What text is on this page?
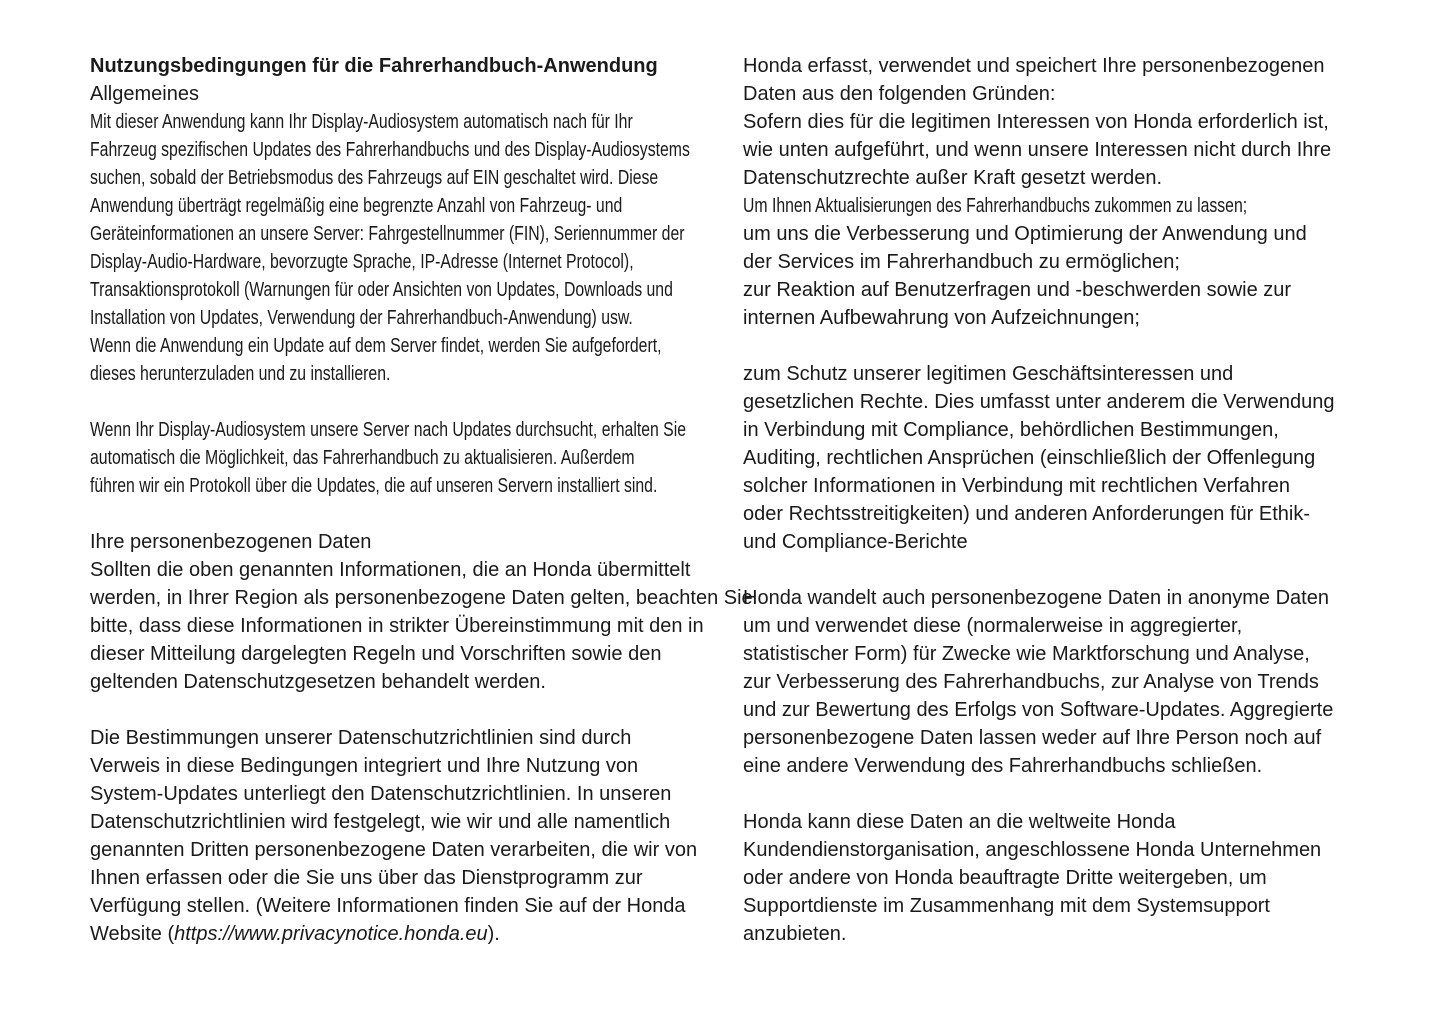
Nutzungsbedingungen für die Fahrerhandbuch-Anwendung
Allgemeines
Mit dieser Anwendung kann Ihr Display-Audiosystem automatisch nach für Ihr
Fahrzeug spezifischen Updates des Fahrerhandbuchs und des Display-Audiosystems
suchen, sobald der Betriebsmodus des Fahrzeugs auf EIN geschaltet wird. Diese
Anwendung überträgt regelmäßig eine begrenzte Anzahl von Fahrzeug- und
Geräteinformationen an unsere Server: Fahrgestellnummer (FIN), Seriennummer der
Display-Audio-Hardware, bevorzugte Sprache, IP-Adresse (Internet Protocol),
Transaktionsprotokoll (Warnungen für oder Ansichten von Updates, Downloads und
Installation von Updates, Verwendung der Fahrerhandbuch-Anwendung) usw.
Wenn die Anwendung ein Update auf dem Server findet, werden Sie aufgefordert,
dieses herunterzuladen und zu installieren.
Wenn Ihr Display-Audiosystem unsere Server nach Updates durchsucht, erhalten Sie
automatisch die Möglichkeit, das Fahrerhandbuch zu aktualisieren. Außerdem
führen wir ein Protokoll über die Updates, die auf unseren Servern installiert sind.
Ihre personenbezogenen Daten
Sollten die oben genannten Informationen, die an Honda übermittelt
werden, in Ihrer Region als personenbezogene Daten gelten, beachten Sie
bitte, dass diese Informationen in strikter Übereinstimmung mit den in
dieser Mitteilung dargelegten Regeln und Vorschriften sowie den
geltenden Datenschutzgesetzen behandelt werden.
Die Bestimmungen unserer Datenschutzrichtlinien sind durch
Verweis in diese Bedingungen integriert und Ihre Nutzung von
System-Updates unterliegt den Datenschutzrichtlinien. In unseren
Datenschutzrichtlinien wird festgelegt, wie wir und alle namentlich
genannten Dritten personenbezogene Daten verarbeiten, die wir von
Ihnen erfassen oder die Sie uns über das Dienstprogramm zur
Verfügung stellen. (Weitere Informationen finden Sie auf der Honda
Website (https://www.privacynotice.honda.eu).
Honda erfasst, verwendet und speichert Ihre personenbezogenen
Daten aus den folgenden Gründen:
Sofern dies für die legitimen Interessen von Honda erforderlich ist,
wie unten aufgeführt, und wenn unsere Interessen nicht durch Ihre
Datenschutzrechte außer Kraft gesetzt werden.
Um Ihnen Aktualisierungen des Fahrerhandbuchs zukommen zu lassen;
um uns die Verbesserung und Optimierung der Anwendung und
der Services im Fahrerhandbuch zu ermöglichen;
zur Reaktion auf Benutzerfragen und -beschwerden sowie zur
internen Aufbewahrung von Aufzeichnungen;
zum Schutz unserer legitimen Geschäftsinteressen und
gesetzlichen Rechte. Dies umfasst unter anderem die Verwendung
in Verbindung mit Compliance, behördlichen Bestimmungen,
Auditing, rechtlichen Ansprüchen (einschließlich der Offenlegung
solcher Informationen in Verbindung mit rechtlichen Verfahren
oder Rechtsstreitigkeiten) und anderen Anforderungen für Ethik-
und Compliance-Berichte
Honda wandelt auch personenbezogene Daten in anonyme Daten
um und verwendet diese (normalerweise in aggregierter,
statistischer Form) für Zwecke wie Marktforschung und Analyse,
zur Verbesserung des Fahrerhandbuchs, zur Analyse von Trends
und zur Bewertung des Erfolgs von Software-Updates. Aggregierte
personenbezogene Daten lassen weder auf Ihre Person noch auf
eine andere Verwendung des Fahrerhandbuchs schließen.
Honda kann diese Daten an die weltweite Honda
Kundendienstorganisation, angeschlossene Honda Unternehmen
oder andere von Honda beauftragte Dritte weitergeben, um
Supportdienste im Zusammenhang mit dem Systemsupport
anzubieten.
